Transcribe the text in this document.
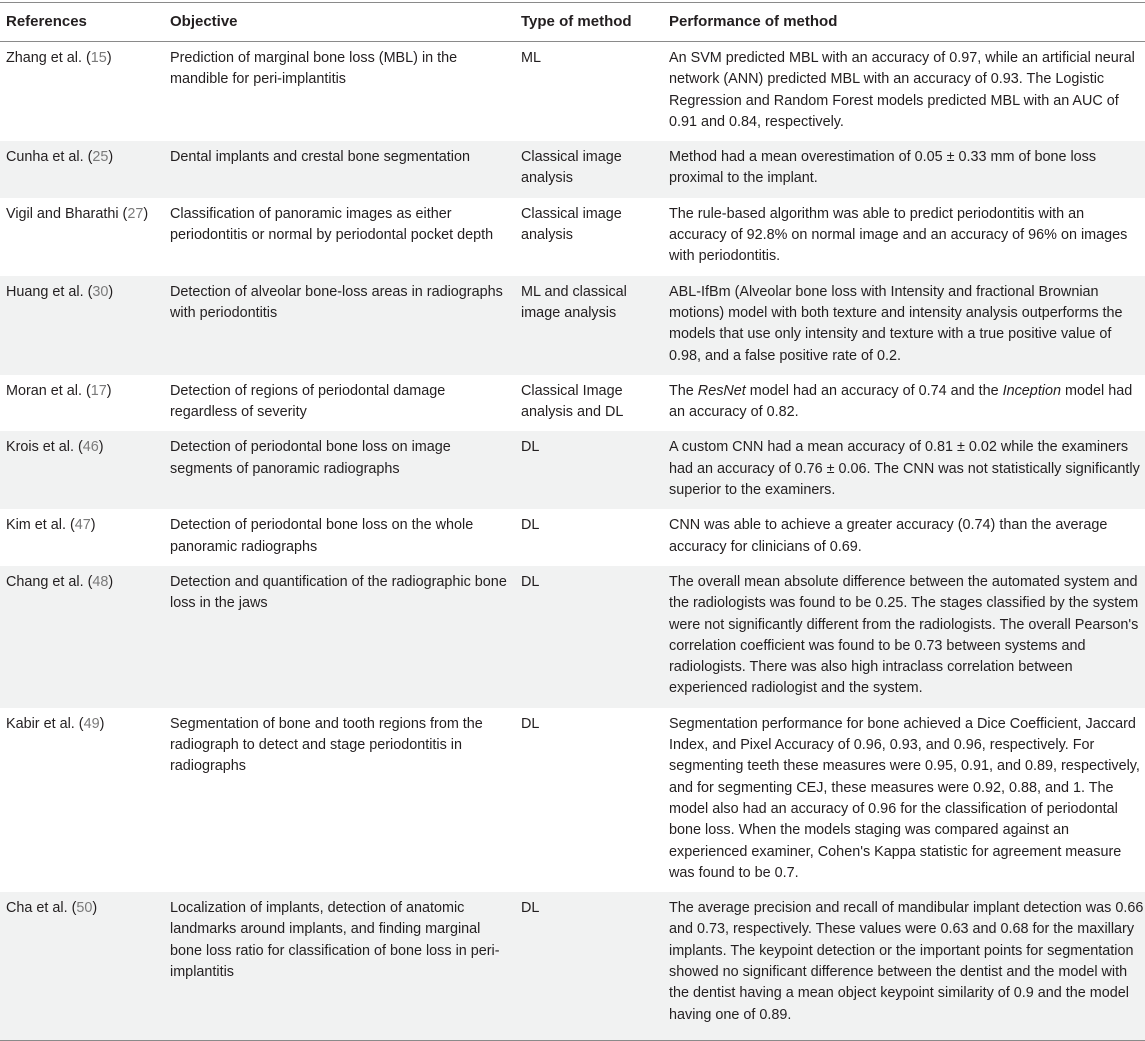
References	Objective	Type of method	Performance of method
Zhang et al. (15)	Prediction of marginal bone loss (MBL) in the mandible for peri-implantitis	ML	An SVM predicted MBL with an accuracy of 0.97, while an artificial neural network (ANN) predicted MBL with an accuracy of 0.93. The Logistic Regression and Random Forest models predicted MBL with an AUC of 0.91 and 0.84, respectively.
Cunha et al. (25)	Dental implants and crestal bone segmentation	Classical image analysis	Method had a mean overestimation of 0.05 ± 0.33 mm of bone loss proximal to the implant.
Vigil and Bharathi (27)	Classification of panoramic images as either periodontitis or normal by periodontal pocket depth	Classical image analysis	The rule-based algorithm was able to predict periodontitis with an accuracy of 92.8% on normal image and an accuracy of 96% on images with periodontitis.
Huang et al. (30)	Detection of alveolar bone-loss areas in radiographs with periodontitis	ML and classical image analysis	ABL-IfBm (Alveolar bone loss with Intensity and fractional Brownian motions) model with both texture and intensity analysis outperforms the models that use only intensity and texture with a true positive value of 0.98, and a false positive rate of 0.2.
Moran et al. (17)	Detection of regions of periodontal damage regardless of severity	Classical Image analysis and DL	The ResNet model had an accuracy of 0.74 and the Inception model had an accuracy of 0.82.
Krois et al. (46)	Detection of periodontal bone loss on image segments of panoramic radiographs	DL	A custom CNN had a mean accuracy of 0.81 ± 0.02 while the examiners had an accuracy of 0.76 ± 0.06. The CNN was not statistically significantly superior to the examiners.
Kim et al. (47)	Detection of periodontal bone loss on the whole panoramic radiographs	DL	CNN was able to achieve a greater accuracy (0.74) than the average accuracy for clinicians of 0.69.
Chang et al. (48)	Detection and quantification of the radiographic bone loss in the jaws	DL	The overall mean absolute difference between the automated system and the radiologists was found to be 0.25. The stages classified by the system were not significantly different from the radiologists. The overall Pearson's correlation coefficient was found to be 0.73 between systems and radiologists. There was also high intraclass correlation between experienced radiologist and the system.
Kabir et al. (49)	Segmentation of bone and tooth regions from the radiograph to detect and stage periodontitis in radiographs	DL	Segmentation performance for bone achieved a Dice Coefficient, Jaccard Index, and Pixel Accuracy of 0.96, 0.93, and 0.96, respectively. For segmenting teeth these measures were 0.95, 0.91, and 0.89, respectively, and for segmenting CEJ, these measures were 0.92, 0.88, and 1. The model also had an accuracy of 0.96 for the classification of periodontal bone loss. When the models staging was compared against an experienced examiner, Cohen's Kappa statistic for agreement measure was found to be 0.7.
Cha et al. (50)	Localization of implants, detection of anatomic landmarks around implants, and finding marginal bone loss ratio for classification of bone loss in peri-implantitis	DL	The average precision and recall of mandibular implant detection was 0.66 and 0.73, respectively. These values were 0.63 and 0.68 for the maxillary implants. The keypoint detection or the important points for segmentation showed no significant difference between the dentist and the model with the dentist having a mean object keypoint similarity of 0.9 and the model having one of 0.89.
